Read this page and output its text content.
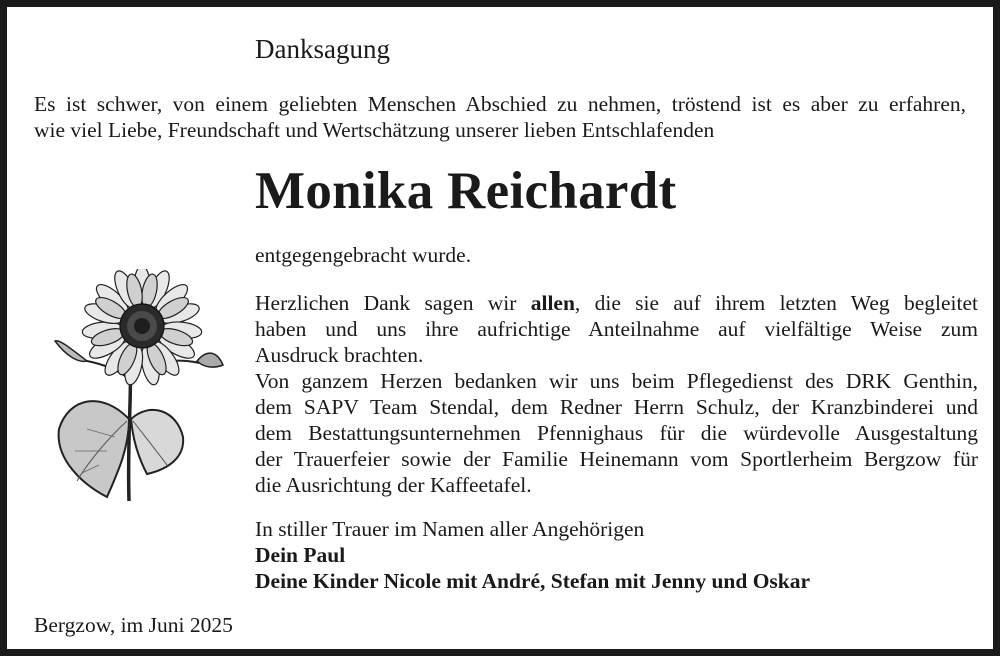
Danksagung
Es ist schwer, von einem geliebten Menschen Abschied zu nehmen, tröstend ist es aber zu erfahren,
wie viel Liebe, Freundschaft und Wertschätzung unserer lieben Entschlafenden
Monika Reichardt
entgegengebracht wurde.
Herzlichen Dank sagen wir allen, die sie auf ihrem letzten Weg begleitet
haben und uns ihre aufrichtige Anteilnahme auf vielfältige Weise zum
Ausdruck brachten.
Von ganzem Herzen bedanken wir uns beim Pflegedienst des DRK Genthin,
dem SAPV Team Stendal, dem Redner Herrn Schulz, der Kranzbinderei und
dem Bestattungsunternehmen Pfennighaus für die würdevolle Ausgestaltung
der Trauerfeier sowie der Familie Heinemann vom Sportlerheim Bergzow für
die Ausrichtung der Kaffeetafel.
In stiller Trauer im Namen aller Angehörigen
Dein Paul
Deine Kinder Nicole mit André, Stefan mit Jenny und Oskar
Bergzow, im Juni 2025
